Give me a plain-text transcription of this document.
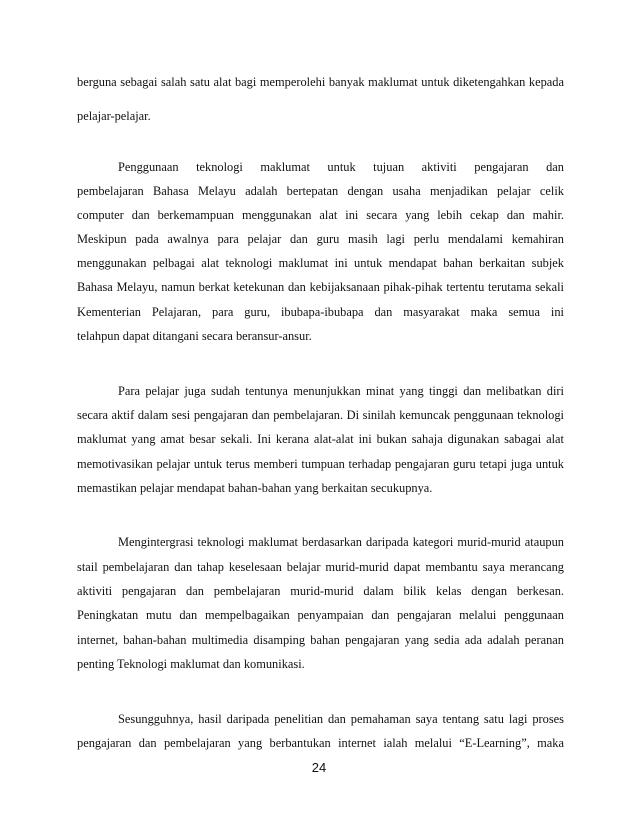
berguna sebagai salah satu alat bagi memperolehi banyak maklumat untuk diketengahkan kepada
pelajar-pelajar.
Penggunaan teknologi maklumat untuk tujuan aktiviti pengajaran dan
pembelajaran Bahasa Melayu adalah bertepatan dengan usaha menjadikan pelajar celik
computer dan berkemampuan menggunakan alat ini secara yang lebih cekap dan mahir.
Meskipun pada awalnya para pelajar dan guru masih lagi perlu mendalami kemahiran
menggunakan pelbagai alat teknologi maklumat ini untuk mendapat bahan berkaitan subjek
Bahasa Melayu, namun berkat ketekunan dan kebijaksanaan pihak-pihak tertentu terutama sekali
Kementerian Pelajaran, para guru, ibubapa-ibubapa dan masyarakat maka semua ini
telahpun dapat ditangani secara beransur-ansur.
Para pelajar juga sudah tentunya menunjukkan minat yang tinggi dan melibatkan diri
secara aktif dalam sesi pengajaran dan pembelajaran. Di sinilah kemuncak penggunaan teknologi
maklumat yang amat besar sekali. Ini kerana alat-alat ini bukan sahaja digunakan sabagai alat
memotivasikan pelajar untuk terus memberi tumpuan terhadap pengajaran guru tetapi juga untuk
memastikan pelajar mendapat bahan-bahan yang berkaitan secukupnya.
Mengintergrasi teknologi maklumat berdasarkan daripada kategori murid-murid ataupun
stail pembelajaran dan tahap keselesaan belajar murid-murid dapat membantu saya merancang
aktiviti pengajaran dan pembelajaran murid-murid dalam bilik kelas dengan berkesan.
Peningkatan mutu dan mempelbagaikan penyampaian dan pengajaran melalui penggunaan
internet, bahan-bahan multimedia disamping bahan pengajaran yang sedia ada adalah peranan
penting Teknologi maklumat dan komunikasi.
Sesungguhnya, hasil daripada penelitian dan pemahaman saya tentang satu lagi proses
pengajaran dan pembelajaran yang berbantukan internet ialah melalui “E-Learning”, maka
24
